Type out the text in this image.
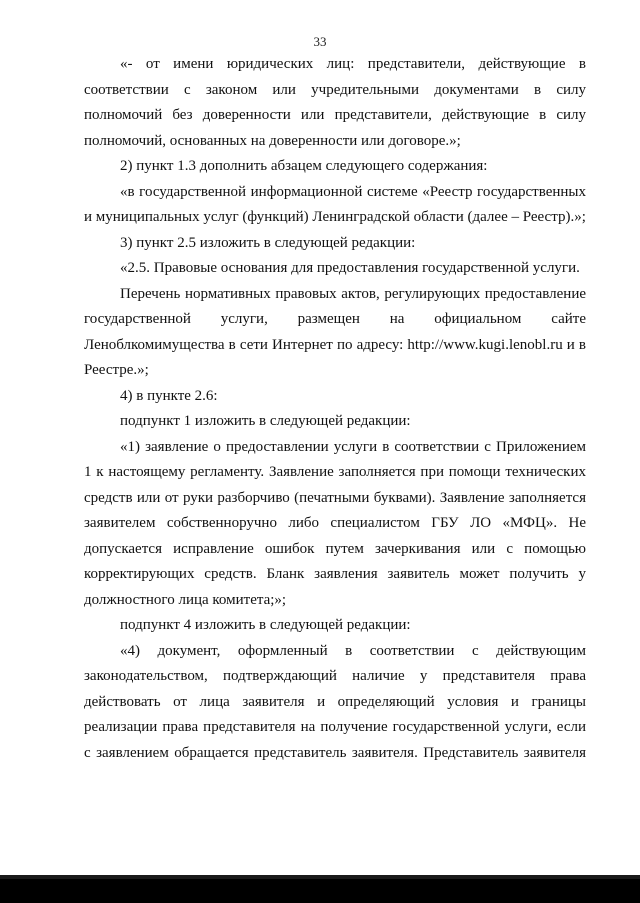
33

«- от имени юридических лиц: представители, действующие в соответствии с законом или учредительными документами в силу полномочий без доверенности или представители, действующие в силу полномочий, основанных на доверенности или договоре.»;

2) пункт 1.3 дополнить абзацем следующего содержания:

«в государственной информационной системе «Реестр государственных и муниципальных услуг (функций) Ленинградской области (далее – Реестр).»;

3) пункт 2.5 изложить в следующей редакции:

«2.5. Правовые основания для предоставления государственной услуги.

Перечень нормативных правовых актов, регулирующих предоставление государственной услуги, размещен на официальном сайте Леноблкомимущества в сети Интернет по адресу: http://www.kugi.lenobl.ru и в Реестре.»;

4) в пункте 2.6:

подпункт 1 изложить в следующей редакции:

«1) заявление о предоставлении услуги в соответствии с Приложением 1 к настоящему регламенту. Заявление заполняется при помощи технических средств или от руки разборчиво (печатными буквами). Заявление заполняется заявителем собственноручно либо специалистом ГБУ ЛО «МФЦ». Не допускается исправление ошибок путем зачеркивания или с помощью корректирующих средств. Бланк заявления заявитель может получить у должностного лица комитета;»;

подпункт 4 изложить в следующей редакции:

«4) документ, оформленный в соответствии с действующим законодательством, подтверждающий наличие у представителя права действовать от лица заявителя и определяющий условия и границы реализации права представителя на получение государственной услуги, если с заявлением обращается представитель заявителя. Представитель заявителя
